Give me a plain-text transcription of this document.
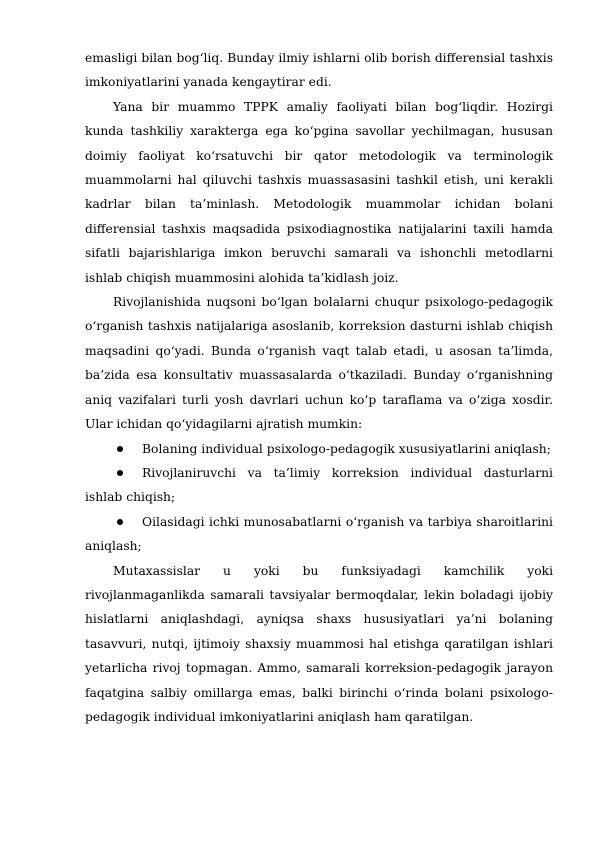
emasligi bilan bog‘liq. Bunday ilmiy ishlarni olib borish differensial tashxis imkoniyatlarini yanada kengaytirar edi.

Yana bir muammo TPPK amaliy faoliyati bilan bog‘liqdir. Hozirgi kunda tashkiliy xarakterga ega ko‘pgina savollar yechilmagan, hususan doimiy faoliyat ko‘rsatuvchi bir qator metodologik va terminologik muammolarni hal qiluvchi tashxis muassasasini tashkil etish, uni kerakli kadrlar bilan ta’minlash. Metodologik muammolar ichidan bolani differensial tashxis maqsadida psixodiagnostika natijalarini taxili hamda sifatli bajarishlariga imkon beruvchi samarali va ishonchli metodlarni ishlab chiqish muammosini alohida ta’kidlash joiz.

Rivojlanishida nuqsoni bo‘lgan bolalarni chuqur psixologo-pedagogik o‘rganish tashxis natijalariga asoslanib, korreksion dasturni ishlab chiqish maqsadini qo‘yadi. Bunda o‘rganish vaqt talab etadi, u asosan ta’limda, ba’zida esa konsultativ muassasalarda o‘tkaziladi. Bunday o‘rganishning aniq vazifalari turli yosh davrlari uchun ko‘p taraflama va o‘ziga xosdir. Ular ichidan qo‘yidagilarni ajratish mumkin:

Bolaning individual psixologo-pedagogik xususiyatlarini aniqlash;

Rivojlaniruvchi va ta’limiy korreksion individual dasturlarni ishlab chiqish;

Oilasidagi ichki munosabatlarni o‘rganish va tarbiya sharoitlarini aniqlash;

Mutaxassislar u yoki bu funksiyadagi kamchilik yoki rivojlanmaganlikda samarali tavsiyalar bermoqdalar, lekin boladagi ijobiy hislatlarni aniqlashdagi, ayniqsa shaxs hususiyatlari ya’ni bolaning tasavvuri, nutqi, ijtimoiy shaxsiy muammosi hal etishga qaratilgan ishlari yetarlicha rivoj topmagan. Ammo, samarali korreksion-pedagogik jarayon faqatgina salbiy omillarga emas, balki birinchi o‘rinda bolani psixologo-pedagogik individual imkoniyatlarini aniqlash ham qaratilgan.
